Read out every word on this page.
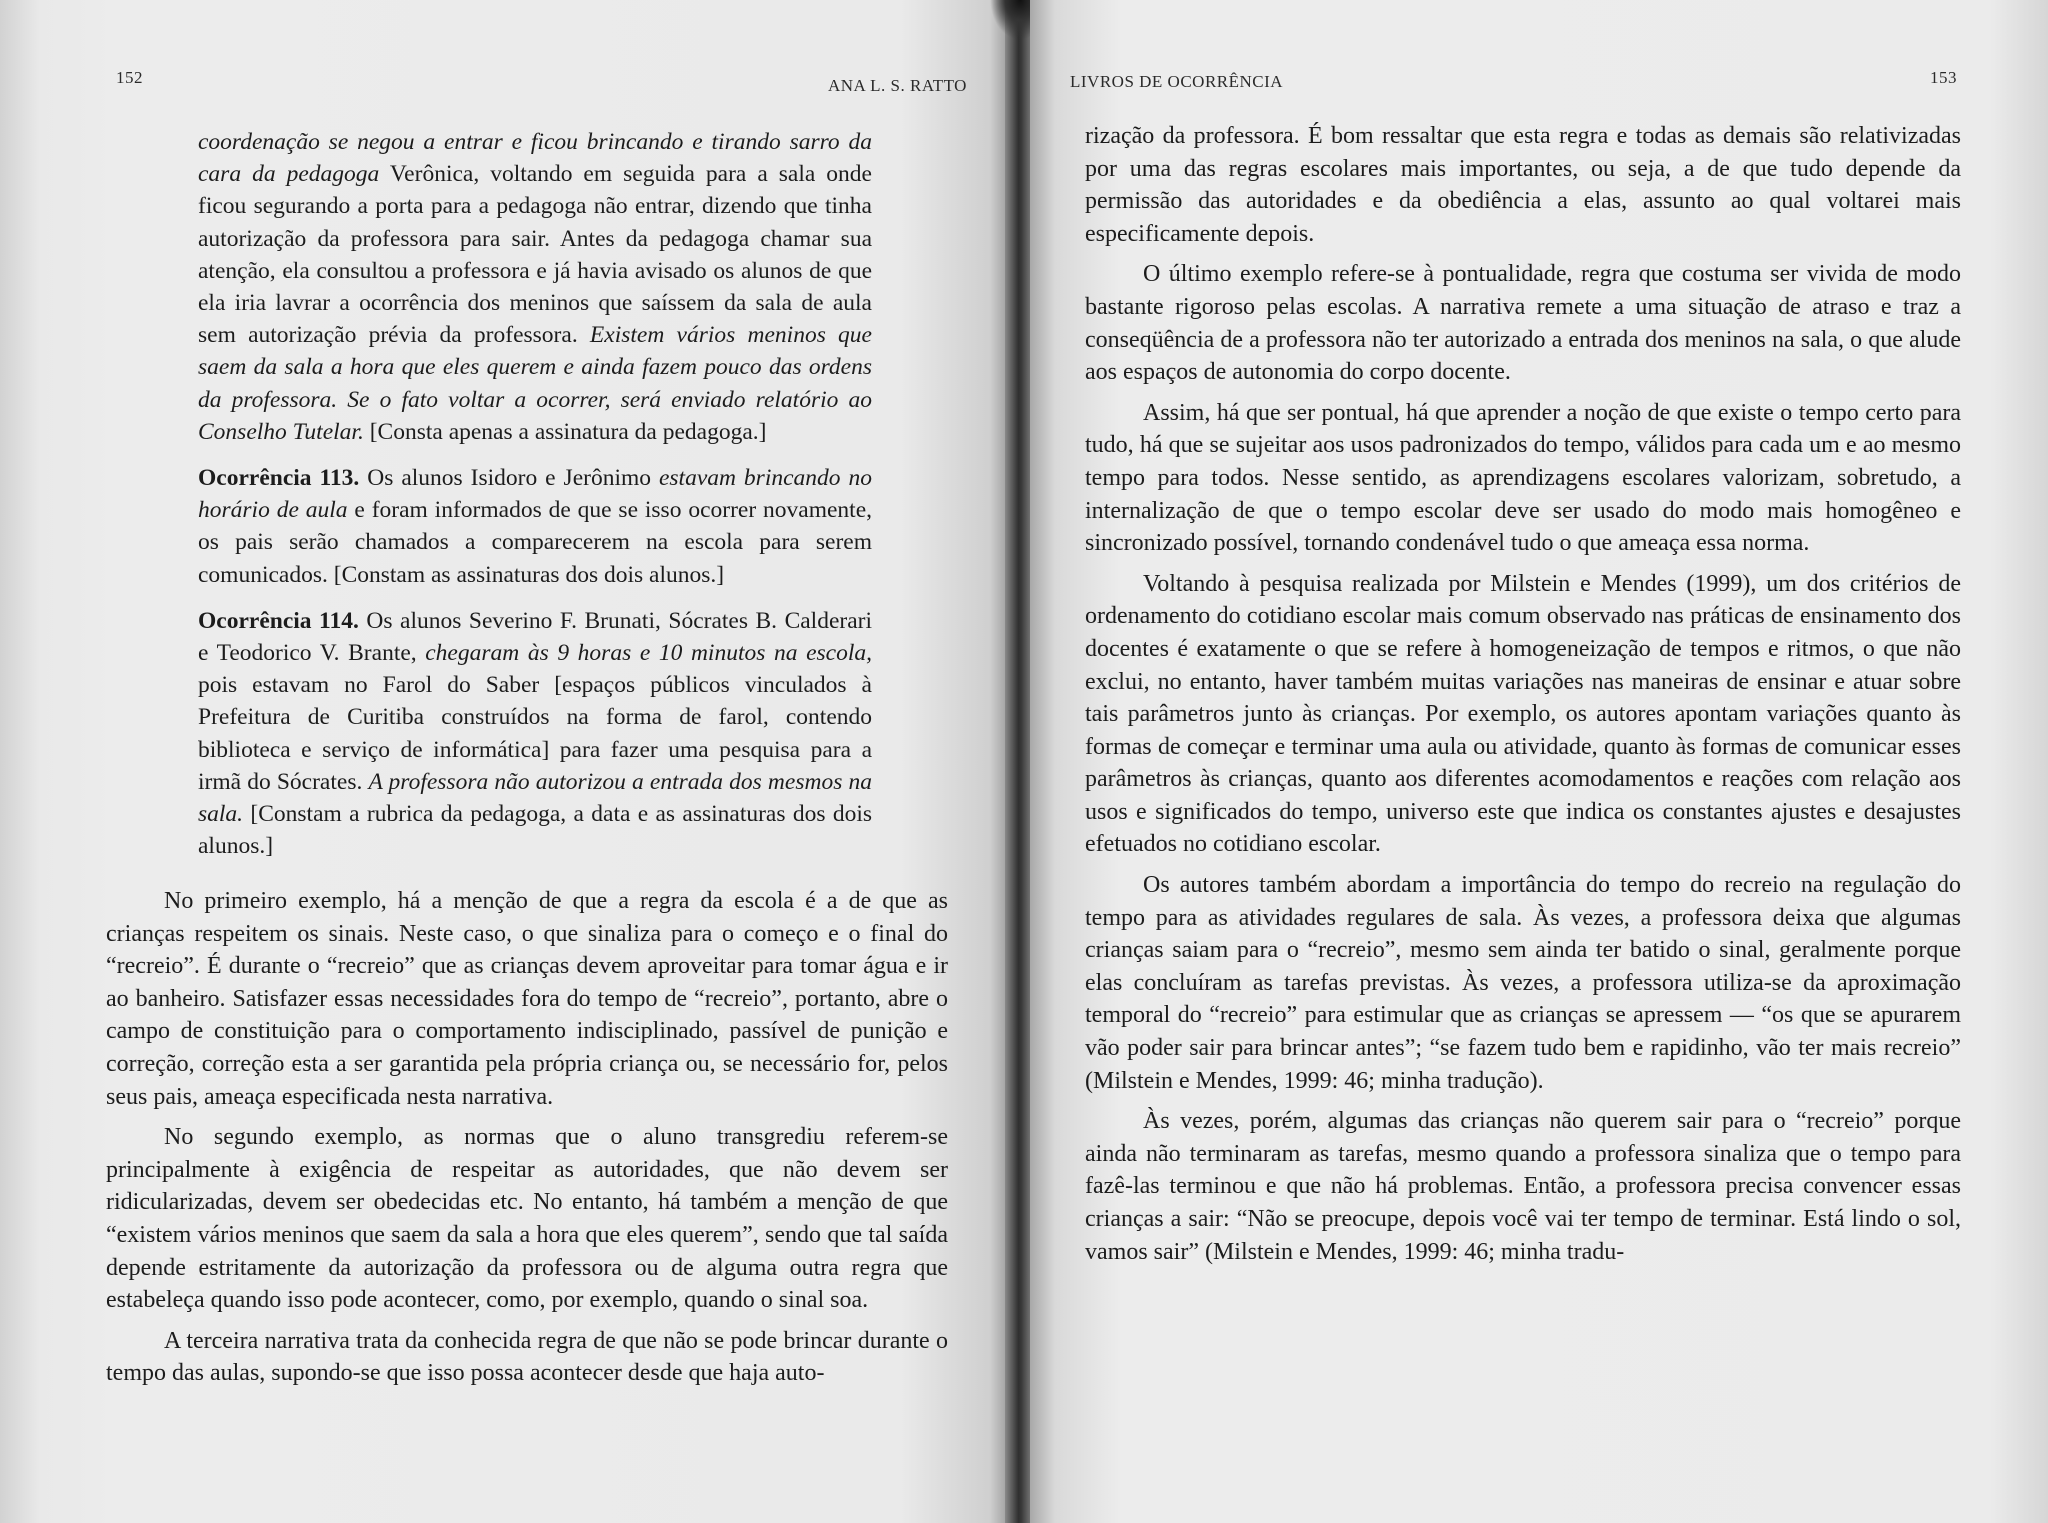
152	ANA L. S. RATTO

coordenação se negou a entrar e ficou brincando e tirando sarro da cara da pedagoga Verônica, voltando em seguida para a sala onde ficou segurando a porta para a pedagoga não entrar, dizendo que tinha autorização da professora para sair. Antes da pedagoga chamar sua atenção, ela consultou a professora e já havia avisado os alunos de que ela iria lavrar a ocorrência dos meninos que saíssem da sala de aula sem autorização prévia da professora. Existem vários meninos que saem da sala a hora que eles querem e ainda fazem pouco das ordens da professora. Se o fato voltar a ocorrer, será enviado relatório ao Conselho Tutelar. [Consta apenas a assinatura da pedagoga.]

Ocorrência 113. Os alunos Isidoro e Jerônimo estavam brincando no horário de aula e foram informados de que se isso ocorrer novamente, os pais serão chamados a comparecerem na escola para serem comunicados. [Constam as assinaturas dos dois alunos.]

Ocorrência 114. Os alunos Severino F. Brunati, Sócrates B. Calderari e Teodorico V. Brante, chegaram às 9 horas e 10 minutos na escola, pois estavam no Farol do Saber [espaços públicos vinculados à Prefeitura de Curitiba construídos na forma de farol, contendo biblioteca e serviço de informática] para fazer uma pesquisa para a irmã do Sócrates. A professora não autorizou a entrada dos mesmos na sala. [Constam a rubrica da pedagoga, a data e as assinaturas dos dois alunos.]

No primeiro exemplo, há a menção de que a regra da escola é a de que as crianças respeitem os sinais. Neste caso, o que sinaliza para o começo e o final do “recreio”. É durante o “recreio” que as crianças devem aproveitar para tomar água e ir ao banheiro. Satisfazer essas necessidades fora do tempo de “recreio”, portanto, abre o campo de constituição para o comportamento indisciplinado, passível de punição e correção, correção esta a ser garantida pela própria criança ou, se necessário for, pelos seus pais, ameaça especificada nesta narrativa.

No segundo exemplo, as normas que o aluno transgrediu referem-se principalmente à exigência de respeitar as autoridades, que não devem ser ridicularizadas, devem ser obedecidas etc. No entanto, há também a menção de que “existem vários meninos que saem da sala a hora que eles querem”, sendo que tal saída depende estritamente da autorização da professora ou de alguma outra regra que estabeleça quando isso pode acontecer, como, por exemplo, quando o sinal soa.

A terceira narrativa trata da conhecida regra de que não se pode brincar durante o tempo das aulas, supondo-se que isso possa acontecer desde que haja auto-

LIVROS DE OCORRÊNCIA	153

rização da professora. É bom ressaltar que esta regra e todas as demais são relativizadas por uma das regras escolares mais importantes, ou seja, a de que tudo depende da permissão das autoridades e da obediência a elas, assunto ao qual voltarei mais especificamente depois.

O último exemplo refere-se à pontualidade, regra que costuma ser vivida de modo bastante rigoroso pelas escolas. A narrativa remete a uma situação de atraso e traz a conseqüência de a professora não ter autorizado a entrada dos meninos na sala, o que alude aos espaços de autonomia do corpo docente.

Assim, há que ser pontual, há que aprender a noção de que existe o tempo certo para tudo, há que se sujeitar aos usos padronizados do tempo, válidos para cada um e ao mesmo tempo para todos. Nesse sentido, as aprendizagens escolares valorizam, sobretudo, a internalização de que o tempo escolar deve ser usado do modo mais homogêneo e sincronizado possível, tornando condenável tudo o que ameaça essa norma.

Voltando à pesquisa realizada por Milstein e Mendes (1999), um dos critérios de ordenamento do cotidiano escolar mais comum observado nas práticas de ensinamento dos docentes é exatamente o que se refere à homogeneização de tempos e ritmos, o que não exclui, no entanto, haver também muitas variações nas maneiras de ensinar e atuar sobre tais parâmetros junto às crianças. Por exemplo, os autores apontam variações quanto às formas de começar e terminar uma aula ou atividade, quanto às formas de comunicar esses parâmetros às crianças, quanto aos diferentes acomodamentos e reações com relação aos usos e significados do tempo, universo este que indica os constantes ajustes e desajustes efetuados no cotidiano escolar.

Os autores também abordam a importância do tempo do recreio na regulação do tempo para as atividades regulares de sala. Às vezes, a professora deixa que algumas crianças saiam para o “recreio”, mesmo sem ainda ter batido o sinal, geralmente porque elas concluíram as tarefas previstas. Às vezes, a professora utiliza-se da aproximação temporal do “recreio” para estimular que as crianças se apressem — “os que se apurarem vão poder sair para brincar antes”; “se fazem tudo bem e rapidinho, vão ter mais recreio” (Milstein e Mendes, 1999: 46; minha tradução).

Às vezes, porém, algumas das crianças não querem sair para o “recreio” porque ainda não terminaram as tarefas, mesmo quando a professora sinaliza que o tempo para fazê-las terminou e que não há problemas. Então, a professora precisa convencer essas crianças a sair: “Não se preocupe, depois você vai ter tempo de terminar. Está lindo o sol, vamos sair” (Milstein e Mendes, 1999: 46; minha tradu-
